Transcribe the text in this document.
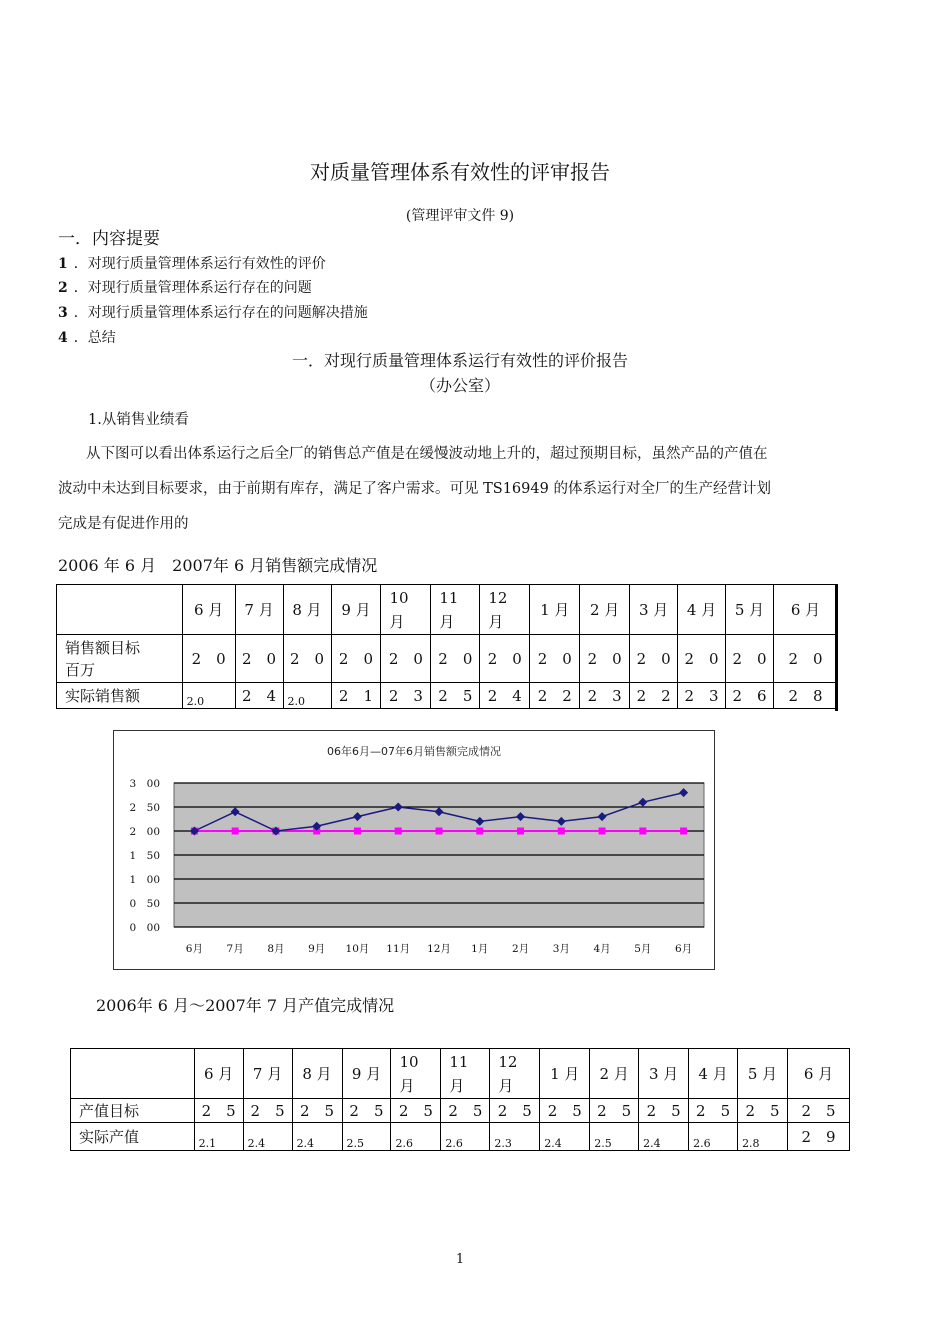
对质量管理体系有效性的评审报告
(管理评审文件 9)
一．内容提要
1 ．对现行质量管理体系运行有效性的评价
2 ．对现行质量管理体系运行存在的问题
3 ．对现行质量管理体系运行存在的问题解决措施
4 ．总结
一．对现行质量管理体系运行有效性的评价报告
（办公室）
1.从销售业绩看
从下图可以看出体系运行之后全厂的销售总产值是在缓慢波动地上升的，超过预期目标，虽然产品的产值在
波动中未达到目标要求，由于前期有库存，满足了客户需求。可见 TS16949 的体系运行对全厂的生产经营计划
完成是有促进作用的
2006 年 6 月　2007年 6 月销售额完成情况
	6 月	7 月	8 月	9 月	10
月	11
月	12
月	1 月	2 月	3 月	4 月	5 月	6 月
销售额目标
百万	2　0	2　0	2　0	2　0	2　0	2　0	2　0	2　0	2　0	2　0	2　0	2　0	2　0
实际销售额	2.0	2　4	2.0	2　1	2　3	2　5	2　4	2　2	2　3	2　2	2　3	2　6	2　8
06年6月—07年6月销售额完成情况
3　00
2　50
2　00
1　50
1　00
0　50
0　00
6月 7月 8月 9月 10月 11月 12月 1月 2月 3月 4月 5月 6月
2006年 6 月～2007年 7 月产值完成情况
	6 月	7 月	8 月	9 月	10
月	11
月	12
月	1 月	2 月	3 月	4 月	5 月	6 月
产值目标	2　5	2　5	2　5	2　5	2　5	2　5	2　5	2　5	2　5	2　5	2　5	2　5	2　5
实际产值	2.1	2.4	2.4	2.5	2.6	2.6	2.3	2.4	2.5	2.4	2.6	2.8	2　9
1
